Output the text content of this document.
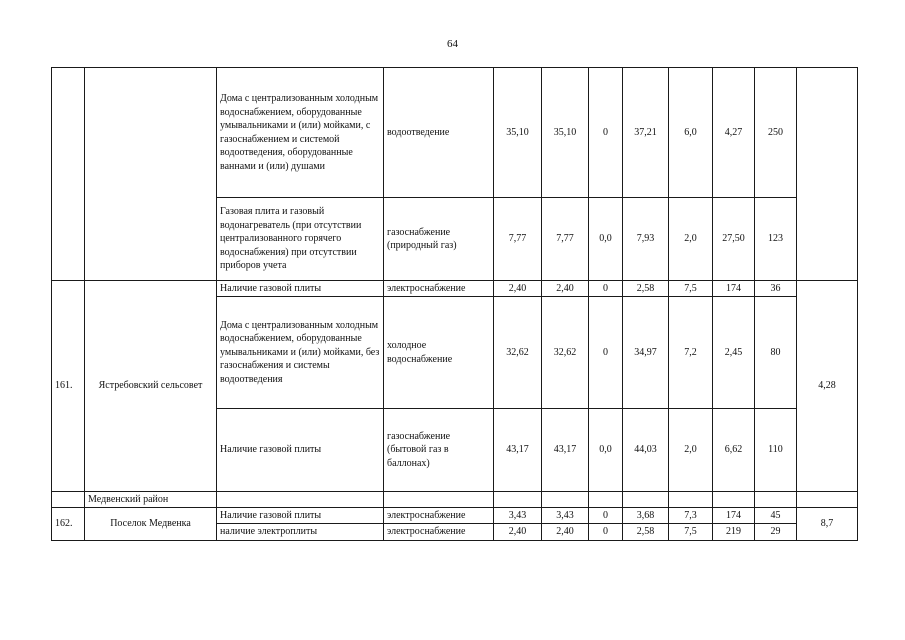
64
		Дома с централизованным холодным водоснабжением, оборудованные умывальниками и (или) мойками, с газоснабжением и системой водоотведения, оборудованные ваннами и (или) душами	водоотведение	35,10	35,10	0	37,21	6,0	4,27	250	
		Газовая плита и газовый водонагреватель (при отсутствии централизованного горячего водоснабжения) при отсутствии приборов учета	газоснабжение (природный газ)	7,77	7,77	0,0	7,93	2,0	27,50	123	
161.	Ястребовский сельсовет	Наличие газовой плиты	электроснабжение	2,40	2,40	0	2,58	7,5	174	36	4,28
		Дома с централизованным холодным водоснабжением, оборудованные умывальниками и (или) мойками, без газоснабжения и системы водоотведения	холодное водоснабжение	32,62	32,62	0	34,97	7,2	2,45	80	
		Наличие газовой плиты	газоснабжение (бытовой газ в баллонах)	43,17	43,17	0,0	44,03	2,0	6,62	110	
	Медвенский район										
162.	Поселок Медвенка	Наличие газовой плиты	электроснабжение	3,43	3,43	0	3,68	7,3	174	45	8,7
		наличие электроплиты	электроснабжение	2,40	2,40	0	2,58	7,5	219	29	
